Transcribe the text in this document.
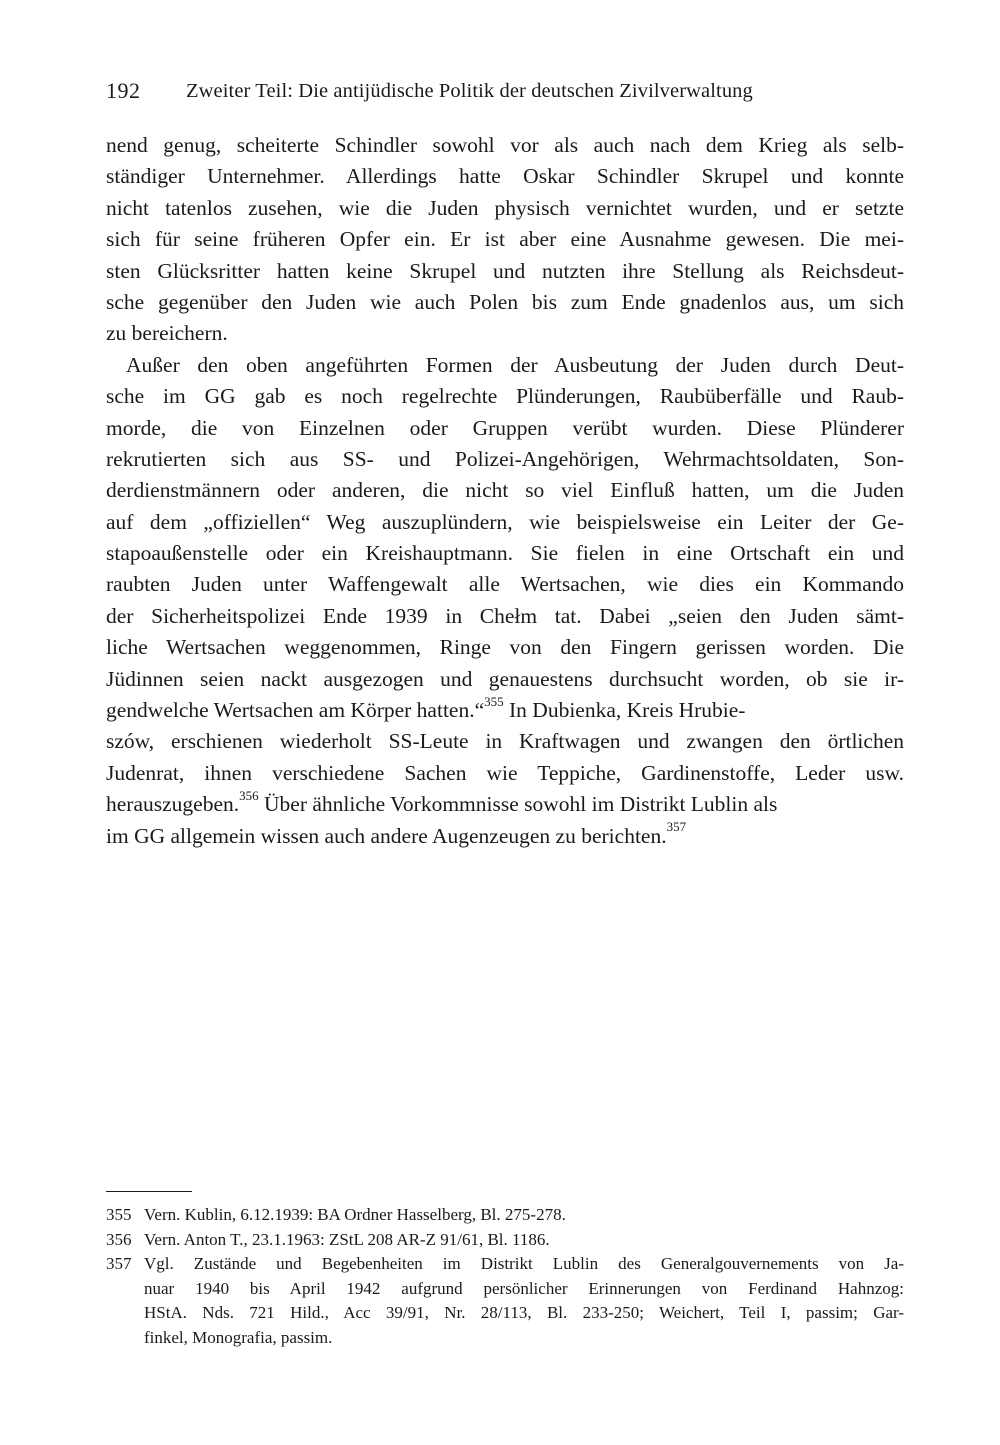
192 Zweiter Teil: Die antijüdische Politik der deutschen Zivilverwaltung
nend genug, scheiterte Schindler sowohl vor als auch nach dem Krieg als selb-
ständiger Unternehmer. Allerdings hatte Oskar Schindler Skrupel und konnte
nicht tatenlos zusehen, wie die Juden physisch vernichtet wurden, und er setzte
sich für seine früheren Opfer ein. Er ist aber eine Ausnahme gewesen. Die mei-
sten Glücksritter hatten keine Skrupel und nutzten ihre Stellung als Reichsdeut-
sche gegenüber den Juden wie auch Polen bis zum Ende gnadenlos aus, um sich
zu bereichern.
Außer den oben angeführten Formen der Ausbeutung der Juden durch Deut-
sche im GG gab es noch regelrechte Plünderungen, Raubüberfälle und Raub-
morde, die von Einzelnen oder Gruppen verübt wurden. Diese Plünderer
rekrutierten sich aus SS- und Polizei-Angehörigen, Wehrmachtsoldaten, Son-
derdienstmännern oder anderen, die nicht so viel Einfluß hatten, um die Juden
auf dem „offiziellen“ Weg auszuplündern, wie beispielsweise ein Leiter der Ge-
stapoaußenstelle oder ein Kreishauptmann. Sie fielen in eine Ortschaft ein und
raubten Juden unter Waffengewalt alle Wertsachen, wie dies ein Kommando
der Sicherheitspolizei Ende 1939 in Chełm tat. Dabei „seien den Juden sämt-
liche Wertsachen weggenommen, Ringe von den Fingern gerissen worden. Die
Jüdinnen seien nackt ausgezogen und genauestens durchsucht worden, ob sie ir-
gendwelche Wertsachen am Körper hatten.“$^{355}$ In Dubienka, Kreis Hrubie-
szów, erschienen wiederholt SS-Leute in Kraftwagen und zwangen den örtlichen
Judenrat, ihnen verschiedene Sachen wie Teppiche, Gardinenstoffe, Leder usw.
herauszugeben.$^{356}$ Über ähnliche Vorkommnisse sowohl im Distrikt Lublin als
im GG allgemein wissen auch andere Augenzeugen zu berichten.$^{357}$
355 Vern. Kublin, 6.12.1939: BA Ordner Hasselberg, Bl. 275-278.
356 Vern. Anton T., 23.1.1963: ZStL 208 AR-Z 91/61, Bl. 1186.
357 Vgl. Zustände und Begebenheiten im Distrikt Lublin des Generalgouvernements von Ja-
nuar 1940 bis April 1942 aufgrund persönlicher Erinnerungen von Ferdinand Hahnzog:
HStA. Nds. 721 Hild., Acc 39/91, Nr. 28/113, Bl. 233-250; Weichert, Teil I, passim; Gar-
finkel, Monografia, passim.
